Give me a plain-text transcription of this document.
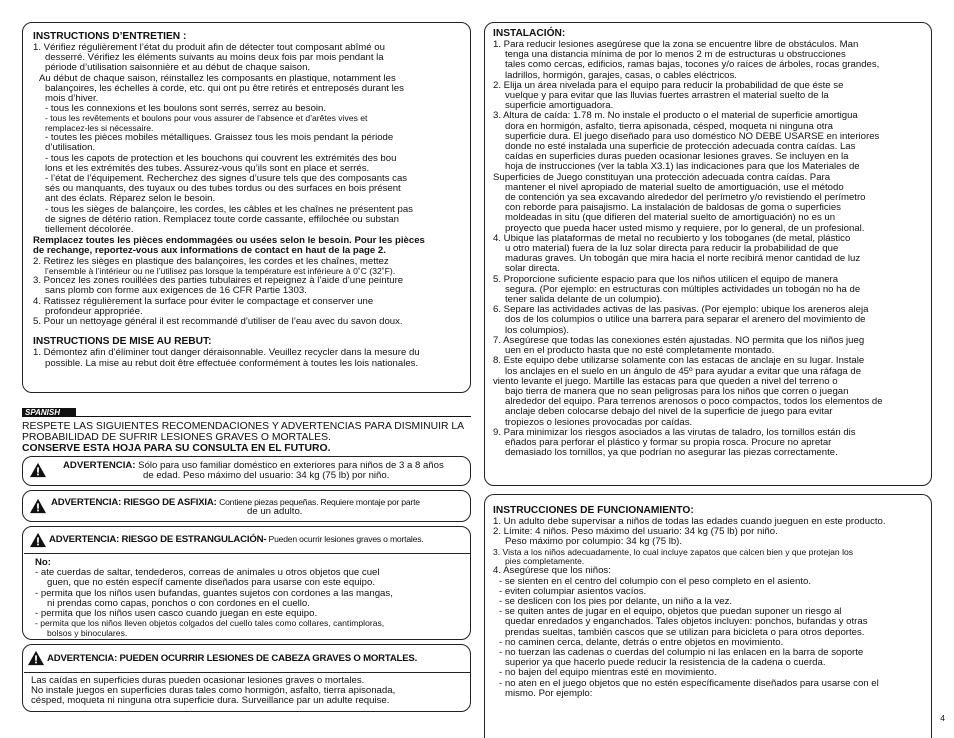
INSTRUCTIONS D’ENTRETIEN :
1. Vérifiez régulièrement l’état du produit afin de détecter tout composant abîmé ou
desserré. Vérifiez les éléments suivants au moins deux fois par mois pendant la
période d’utilisation saisonnière et au début de chaque saison.
Au début de chaque saison, réinstallez les composants en plastique, notamment les
balançoires, les échelles à corde, etc. qui ont pu être retirés et entreposés durant les
mois d’hiver.
- tous les connexions et les boulons sont serrés, serrez au besoin.
- tous les revêtements et boulons pour vous assurer de l’absence et d’arêtes vives et
remplacez-les si nécessaire.
- toutes les pièces mobiles métalliques. Graissez tous les mois pendant la période
d’utilisation.
- tous les capots de protection et les bouchons qui couvrent les extrémités des bou
lons et les extrémités des tubes. Assurez-vous qu’ils sont en place et serrés.
- l’état de l’équipement. Recherchez des signes d’usure tels que des composants cas
sés ou manquants, des tuyaux ou des tubes tordus ou des surfaces en bois présent
ant des éclats. Réparez selon le besoin.
- tous les sièges de balançoire, les cordes, les câbles et les chaînes ne présentent pas
de signes de détério ration. Remplacez toute corde cassante, effilochée ou substan
tiellement décolorée.
Remplacez toutes les pièces endommagées ou usées selon le besoin. Pour les pièces
de rechange, reportez-vous aux informations de contact en haut de la page 2.
2. Retirez les sièges en plastique des balançoires, les cordes et les chaînes, mettez
l’ensemble à l’intérieur ou ne l’utilisez pas lorsque la température est inférieure à 0˚C (32˚F).
3. Poncez les zones rouillées des parties tubulaires et repeignez à l’aide d’une peinture
sans plomb con forme aux exigences de 16 CFR Partie 1303.
4. Ratissez régulièrement la surface pour éviter le compactage et conserver une
profondeur appropriée.
5. Pour un nettoyage général il est recommandé d’utiliser de l’eau avec du savon doux.
INSTRUCTIONS DE MISE AU REBUT:
1. Démontez afin d’éliminer tout danger déraisonnable. Veuillez recycler dans la mesure du
possible. La mise au rebut doit être effectuée conformément à toutes les lois nationales.
SPANISH
RESPETE LAS SIGUIENTES RECOMENDACIONES Y ADVERTENCIAS PARA DISMINUIR LA
PROBABILIDAD DE SUFRIR LESIONES GRAVES O MORTALES.
CONSERVE ESTA HOJA PARA SU CONSULTA EN EL FUTURO.
ADVERTENCIA: Sólo para uso familiar doméstico en exteriores para niños de 3 a 8 años
de edad. Peso máximo del usuario: 34 kg (75 lb) por niño.
ADVERTENCIA: RIESGO DE ASFIXIA: Contiene piezas pequeñas. Requiere montaje por parte
de un adulto.
ADVERTENCIA: RIESGO DE ESTRANGULACIÓN- Pueden ocurrir lesiones graves o mortales.
No:
- ate cuerdas de saltar, tendederos, correas de animales u otros objetos que cuel
guen, que no estén específ camente diseñados para usarse con este equipo.
- permita que los niños usen bufandas, guantes sujetos con cordones a las mangas,
ni prendas como capas, ponchos o con cordones en el cuello.
- permita que los niños usen casco cuando juegan en este equipo.
- permita que los niños lleven objetos colgados del cuello tales como collares, cantimploras,
bolsos y binoculares.
ADVERTENCIA: PUEDEN OCURRIR LESIONES DE CABEZA GRAVES O MORTALES.
Las caídas en superficies duras pueden ocasionar lesiones graves o mortales.
No instale juegos en superficies duras tales como hormigón, asfalto, tierra apisonada,
césped, moqueta ni ninguna otra superficie dura. Surveillance par un adulte requise.
INSTALACIÓN:
1. Para reducir lesiones asegúrese que la zona se encuentre libre de obstáculos. Man
tenga una distancia mínima de por lo menos 2 m de estructuras u obstrucciones
tales como cercas, edificios, ramas bajas, tocones y/o raíces de árboles, rocas grandes,
ladrillos, hormigón, garajes, casas, o cables eléctricos.
2. Elija un área nivelada para el equipo para reducir la probabilidad de que éste se
vuelque y para evitar que las lluvias fuertes arrastren el material suelto de la
superficie amortiguadora.
3. Altura de caída: 1.78 m. No instale el producto o el material de superficie amortigua
dora en hormigón, asfalto, tierra apisonada, césped, moqueta ni ninguna otra
superficie dura. El juego diseñado para uso doméstico NO DEBE USARSE en interiores
donde no esté instalada una superficie de protección adecuada contra caídas. Las
caídas en superficies duras pueden ocasionar lesiones graves. Se incluyen en la
hoja de instrucciones (ver la tabla X3.1) las indicaciones para que los Materiales de
Superficies de Juego constituyan una protección adecuada contra caídas. Para
mantener el nivel apropiado de material suelto de amortiguación, use el método
de contención ya sea excavando alrededor del perímetro y/o revistiendo el perímetro
con reborde para paisajismo. La instalación de baldosas de goma o superficies
moldeadas in situ (que difieren del material suelto de amortiguación) no es un
proyecto que pueda hacer usted mismo y requiere, por lo general, de un profesional.
4. Ubique las plataformas de metal no recubierto y los toboganes (de metal, plástico
u otro material) fuera de la luz solar directa para reducir la probabilidad de que
maduras graves. Un tobogán que mira hacia el norte recibirá menor cantidad de luz
solar directa.
5. Proporcione suficiente espacio para que los niños utilicen el equipo de manera
segura. (Por ejemplo: en estructuras con múltiples actividades un tobogán no ha de
tener salida delante de un columpio).
6. Separe las actividades activas de las pasivas. (Por ejemplo: ubique los areneros aleja
dos de los columpios o utilice una barrera para separar el arenero del movimiento de
los columpios).
7. Asegúrese que todas las conexiones estén ajustadas. NO permita que los niños jueg
uen en el producto hasta que no esté completamente montado.
8. Este equipo debe utilizarse solamente con las estacas de anclaje en su lugar. Instale
los anclajes en el suelo en un ángulo de 45º para ayudar a evitar que una ráfaga de
viento levante el juego. Martille las estacas para que queden a nivel del terreno o
bajo tierra de manera que no sean peligrosas para los niños que corren o juegan
alrededor del equipo. Para terrenos arenosos o poco compactos, todos los elementos de
anclaje deben colocarse debajo del nivel de la superficie de juego para evitar
tropiezos o lesiones provocadas por caídas.
9. Para minimizar los riesgos asociados a las virutas de taladro, los tornillos están dis
eñados para perforar el plástico y formar su propia rosca. Procure no apretar
demasiado los tornillos, ya que podrían no asegurar las piezas correctamente.
INSTRUCCIONES DE FUNCIONAMIENTO:
1. Un adulto debe supervisar a niños de todas las edades cuando jueguen en este producto.
2. Límite: 4 niños. Peso máximo del usuario: 34 kg (75 lb) por niño.
Peso máximo por columpio: 34 kg (75 lb).
3. Vista a los niños adecuadamente, lo cual incluye zapatos que calcen bien y que protejan los
pies completamente.
4. Asegúrese que los niños:
- se sienten en el centro del columpio con el peso completo en el asiento.
- eviten columpiar asientos vacíos.
- se deslicen con los pies por delante, un niño a la vez.
- se quiten antes de jugar en el equipo, objetos que puedan suponer un riesgo al
quedar enredados y enganchados. Tales objetos incluyen: ponchos, bufandas y otras
prendas sueltas, también cascos que se utilizan para bicicleta o para otros deportes.
- no caminen cerca, delante, detrás o entre objetos en movimiento.
- no tuerzan las cadenas o cuerdas del columpio ni las enlacen en la barra de soporte
superior ya que hacerlo puede reducir la resistencia de la cadena o cuerda.
- no bajen del equipo mientras esté en movimiento.
- no aten en el juego objetos que no estén específicamente diseñados para usarse con el
mismo. Por ejemplo:
4
